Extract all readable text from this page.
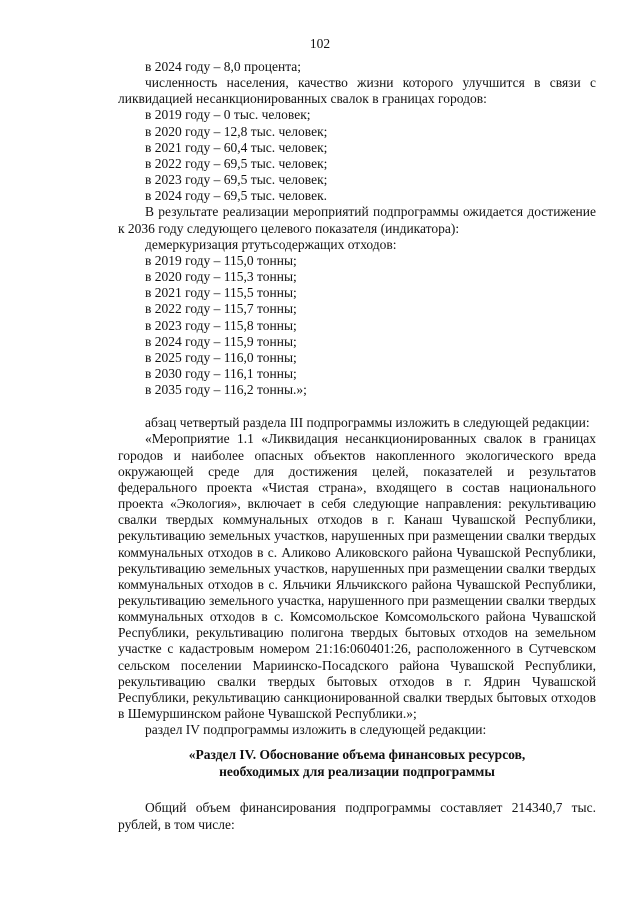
102

в 2024 году – 8,0 процента;

численность населения, качество жизни которого улучшится в связи с ликвидацией несанкционированных свалок в границах городов:

в 2019 году – 0 тыс. человек;

в 2020 году – 12,8 тыс. человек;

в 2021 году – 60,4 тыс. человек;

в 2022 году – 69,5 тыс. человек;

в 2023 году – 69,5 тыс. человек;

в 2024 году – 69,5 тыс. человек.

В результате реализации мероприятий подпрограммы ожидается достижение к 2036 году следующего целевого показателя (индикатора):

демеркуризация ртутьсодержащих отходов:

в 2019 году – 115,0 тонны;

в 2020 году – 115,3 тонны;

в 2021 году – 115,5 тонны;

в 2022 году – 115,7 тонны;

в 2023 году – 115,8 тонны;

в 2024 году – 115,9 тонны;

в 2025 году – 116,0 тонны;

в 2030 году – 116,1 тонны;

в 2035 году – 116,2 тонны.»;

абзац четвертый раздела III подпрограммы изложить в следующей редакции:

«Мероприятие 1.1 «Ликвидация несанкционированных свалок в границах городов и наиболее опасных объектов накопленного экологического вреда окружающей среде для достижения целей, показателей и результатов федерального проекта «Чистая страна», входящего в состав национального проекта «Экология», включает в себя следующие направления: рекультивацию свалки твердых коммунальных отходов в г. Канаш Чувашской Республики, рекультивацию земельных участков, нарушенных при размещении свалки твердых коммунальных отходов в с. Аликово Аликовского района Чувашской Республики, рекультивацию земельных участков, нарушенных при размещении свалки твердых коммунальных отходов в с. Яльчики Яльчикского района Чувашской Республики, рекультивацию земельного участка, нарушенного при размещении свалки твердых коммунальных отходов в с. Комсомольское Комсомольского района Чувашской Республики, рекультивацию полигона твердых бытовых отходов на земельном участке с кадастровым номером 21:16:060401:26, расположенного в Сутчевском сельском поселении Мариинско-Посадского района Чувашской Республики, рекультивацию свалки твердых бытовых отходов в г. Ядрин Чувашской Республики, рекультивацию санкционированной свалки твердых бытовых отходов в Шемуршинском районе Чувашской Республики.»;

раздел IV подпрограммы изложить в следующей редакции:

«Раздел IV. Обоснование объема финансовых ресурсов,
необходимых для реализации подпрограммы

Общий объем финансирования подпрограммы составляет 214340,7 тыс. рублей, в том числе:
